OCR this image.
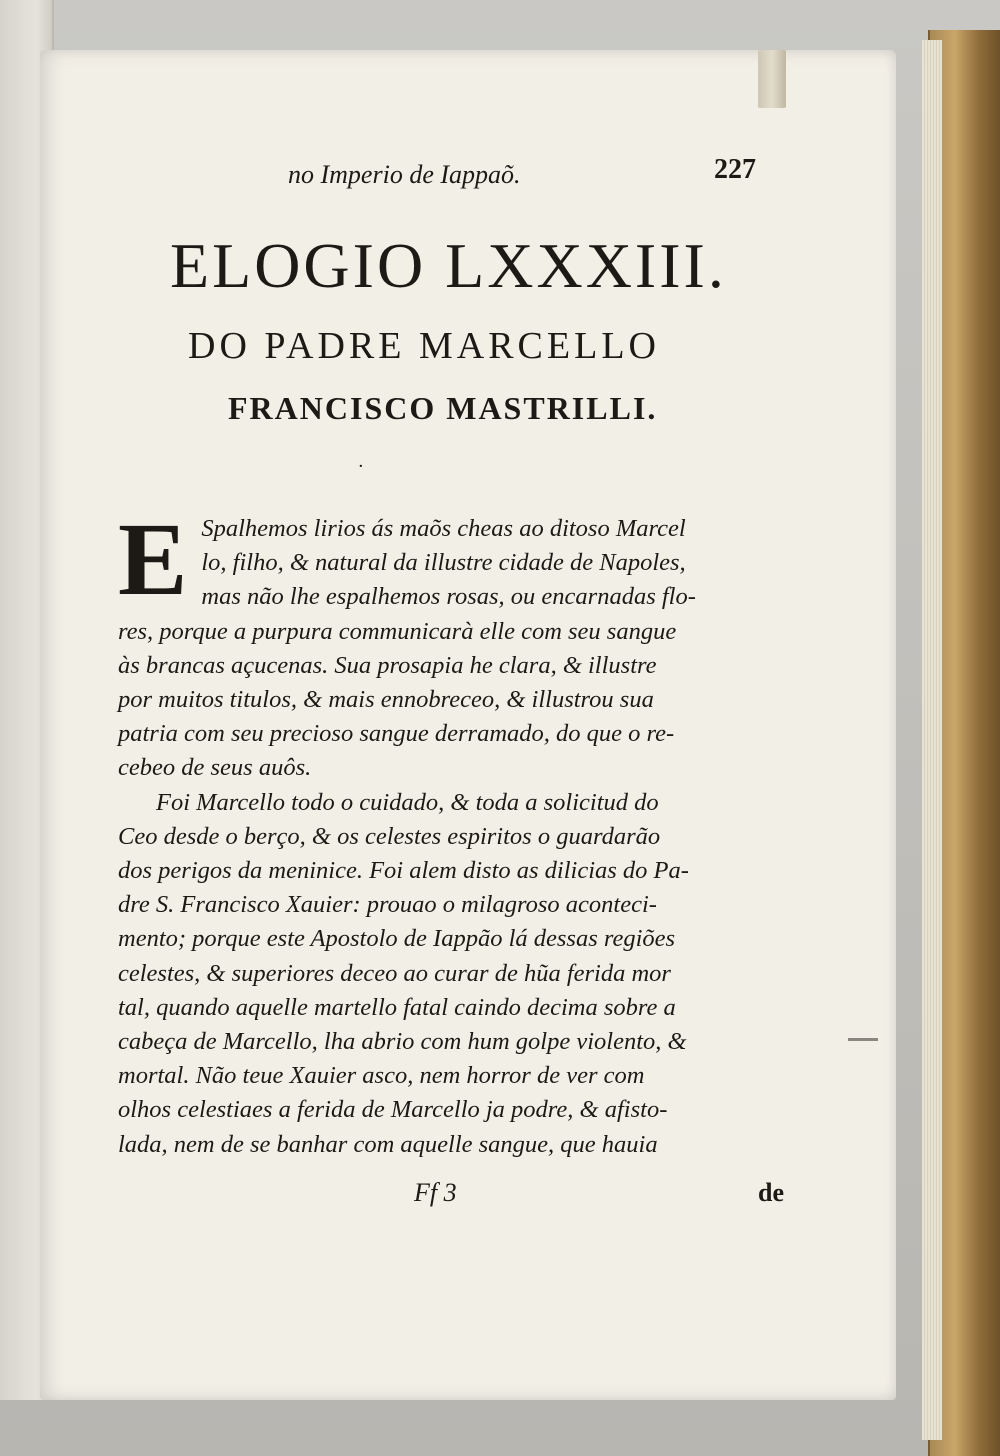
no Imperio de Iappaõ.	227
ELOGIO LXXXIII.
DO PADRE MARCELLO
FRANCISCO MASTRILLI.
·

E Spalhemos lirios ás maõs cheas ao ditoso Marcel
lo, filho, & natural da illustre cidade de Napoles,
mas não lhe espalhemos rosas, ou encarnadas flo-
res, porque a purpura communicarà elle com seu sangue
às brancas açucenas. Sua prosapia he clara, & illustre
por muitos titulos, & mais ennobreceo, & illustrou sua
patria com seu precioso sangue derramado, do que o re-
cebeo de seus auôs.

Foi Marcello todo o cuidado, & toda a solicitud do
Ceo desde o berço, & os celestes espiritos o guardarão
dos perigos da meninice. Foi alem disto as dilicias do Pa-
dre S. Francisco Xauier: prouao o milagroso aconteci-
mento; porque este Apostolo de Iappão lá dessas regiões
celestes, & superiores deceo ao curar de hũa ferida mor
tal, quando aquelle martello fatal caindo decima sobre a
cabeça de Marcello, lha abrio com hum golpe violento, &
mortal. Não teue Xauier asco, nem horror de ver com
olhos celestiaes a ferida de Marcello ja podre, & afisto-
lada, nem de se banhar com aquelle sangue, que hauia

Ff 3	de
